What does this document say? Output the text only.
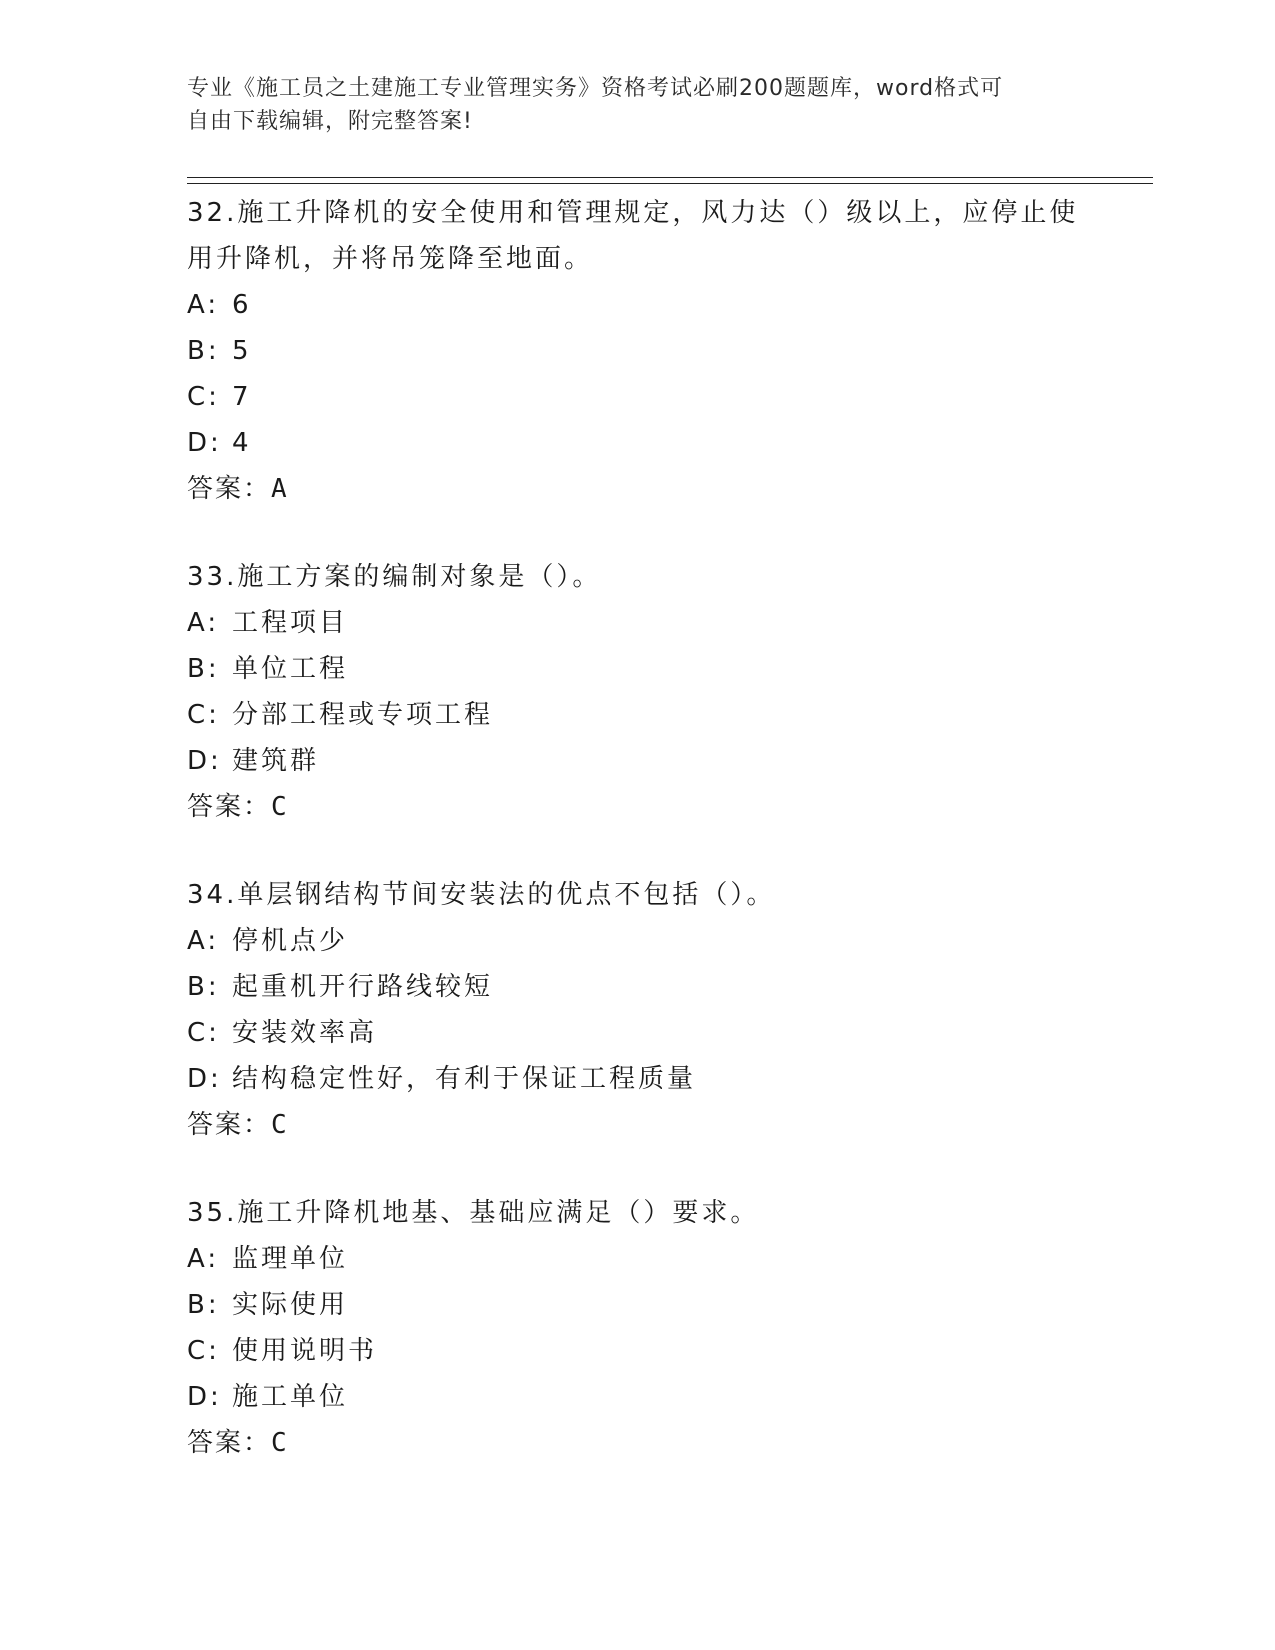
专业《施工员之土建施工专业管理实务》资格考试必刷200题题库，word格式可
自由下载编辑，附完整答案!
32.施工升降机的安全使用和管理规定，风力达（）级以上，应停止使
用升降机，并将吊笼降至地面。
A: 6
B: 5
C: 7
D: 4
答案：A
33.施工方案的编制对象是（）。
A: 工程项目
B: 单位工程
C: 分部工程或专项工程
D: 建筑群
答案：C
34.单层钢结构节间安装法的优点不包括（）。
A: 停机点少
B: 起重机开行路线较短
C: 安装效率高
D: 结构稳定性好，有利于保证工程质量
答案：C
35.施工升降机地基、基础应满足（）要求。
A: 监理单位
B: 实际使用
C: 使用说明书
D: 施工单位
答案：C
